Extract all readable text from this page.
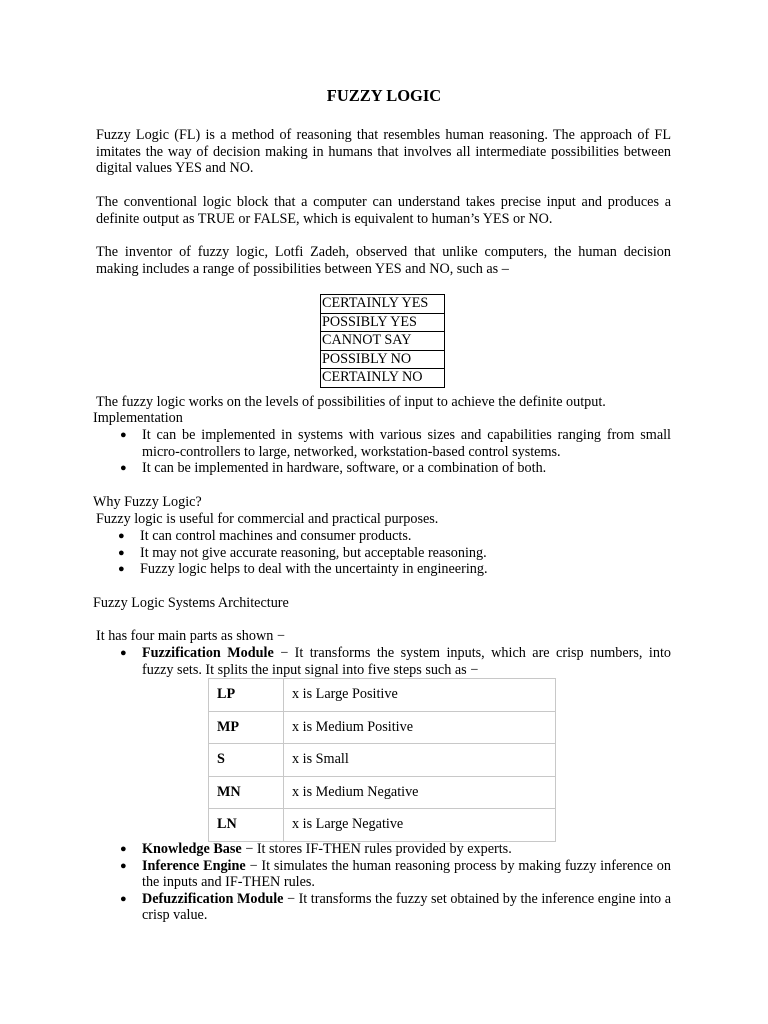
FUZZY LOGIC

Fuzzy Logic (FL) is a method of reasoning that resembles human reasoning. The approach of FL imitates the way of decision making in humans that involves all intermediate possibilities between digital values YES and NO.

The conventional logic block that a computer can understand takes precise input and produces a definite output as TRUE or FALSE, which is equivalent to human’s YES or NO.

The inventor of fuzzy logic, Lotfi Zadeh, observed that unlike computers, the human decision making includes a range of possibilities between YES and NO, such as –

CERTAINLY YES
POSSIBLY YES
CANNOT SAY
POSSIBLY NO
CERTAINLY NO

The fuzzy logic works on the levels of possibilities of input to achieve the definite output.

Implementation

● It can be implemented in systems with various sizes and capabilities ranging from small micro-controllers to large, networked, workstation-based control systems.
● It can be implemented in hardware, software, or a combination of both.

Why Fuzzy Logic?

Fuzzy logic is useful for commercial and practical purposes.

● It can control machines and consumer products.
● It may not give accurate reasoning, but acceptable reasoning.
● Fuzzy logic helps to deal with the uncertainty in engineering.

Fuzzy Logic Systems Architecture

It has four main parts as shown −

● Fuzzification Module − It transforms the system inputs, which are crisp numbers, into fuzzy sets. It splits the input signal into five steps such as −
LP	x is Large Positive
MP	x is Medium Positive
S	x is Small
MN	x is Medium Negative
LN	x is Large Negative
● Knowledge Base − It stores IF-THEN rules provided by experts.
● Inference Engine − It simulates the human reasoning process by making fuzzy inference on the inputs and IF-THEN rules.
● Defuzzification Module − It transforms the fuzzy set obtained by the inference engine into a crisp value.
